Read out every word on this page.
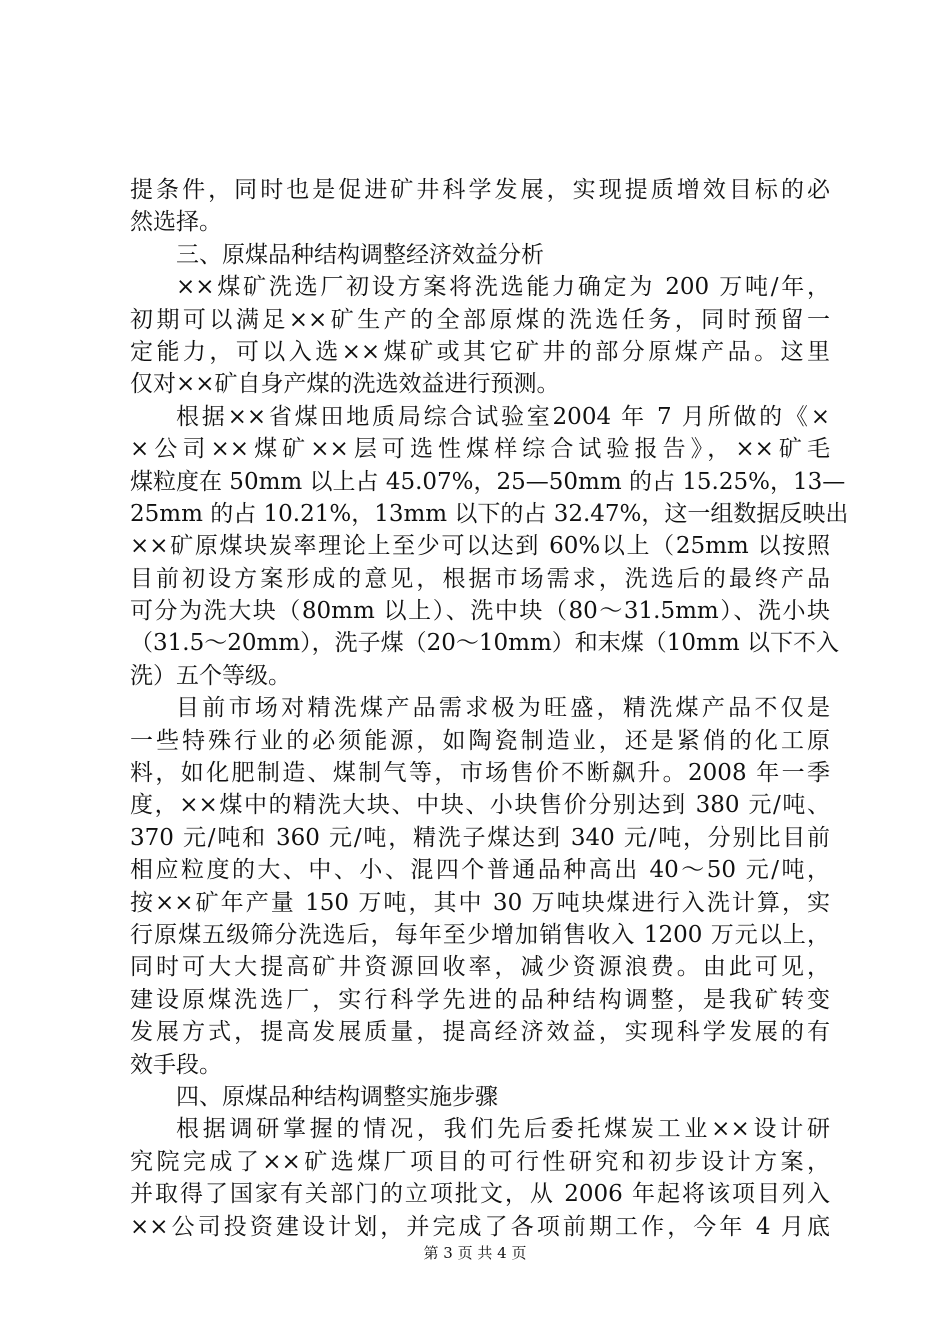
提条件，同时也是促进矿井科学发展，实现提质增效目标的必
然选择。
三、原煤品种结构调整经济效益分析
××煤矿洗选厂初设方案将洗选能力确定为 200 万吨/年，
初期可以满足××矿生产的全部原煤的洗选任务，同时预留一
定能力，可以入选××煤矿或其它矿井的部分原煤产品。这里
仅对××矿自身产煤的洗选效益进行预测。
根据××省煤田地质局综合试验室2004 年 7 月所做的《×
×公司××煤矿××层可选性煤样综合试验报告》，××矿毛
煤粒度在 50mm 以上占 45.07%，25—50mm 的占 15.25%，13—
25mm 的占 10.21%，13mm 以下的占 32.47%，这一组数据反映出
××矿原煤块炭率理论上至少可以达到 60%以上（25mm 以按照
目前初设方案形成的意见，根据市场需求，洗选后的最终产品
可分为洗大块（80mm 以上）、洗中块（80～31.5mm）、洗小块
（31.5～20mm），洗子煤（20～10mm）和末煤（10mm 以下不入
洗）五个等级。
目前市场对精洗煤产品需求极为旺盛，精洗煤产品不仅是
一些特殊行业的必须能源，如陶瓷制造业，还是紧俏的化工原
料，如化肥制造、煤制气等，市场售价不断飙升。2008 年一季
度，××煤中的精洗大块、中块、小块售价分别达到 380 元/吨、
370 元/吨和 360 元/吨，精洗子煤达到 340 元/吨，分别比目前
相应粒度的大、中、小、混四个普通品种高出 40～50 元/吨，
按××矿年产量 150 万吨，其中 30 万吨块煤进行入洗计算，实
行原煤五级筛分洗选后，每年至少增加销售收入 1200 万元以上，
同时可大大提高矿井资源回收率，减少资源浪费。由此可见，
建设原煤洗选厂，实行科学先进的品种结构调整，是我矿转变
发展方式，提高发展质量，提高经济效益，实现科学发展的有
效手段。
四、原煤品种结构调整实施步骤
根据调研掌握的情况，我们先后委托煤炭工业××设计研
究院完成了××矿选煤厂项目的可行性研究和初步设计方案，
并取得了国家有关部门的立项批文，从 2006 年起将该项目列入
××公司投资建设计划，并完成了各项前期工作，今年 4 月底
第 3 页 共 4 页
